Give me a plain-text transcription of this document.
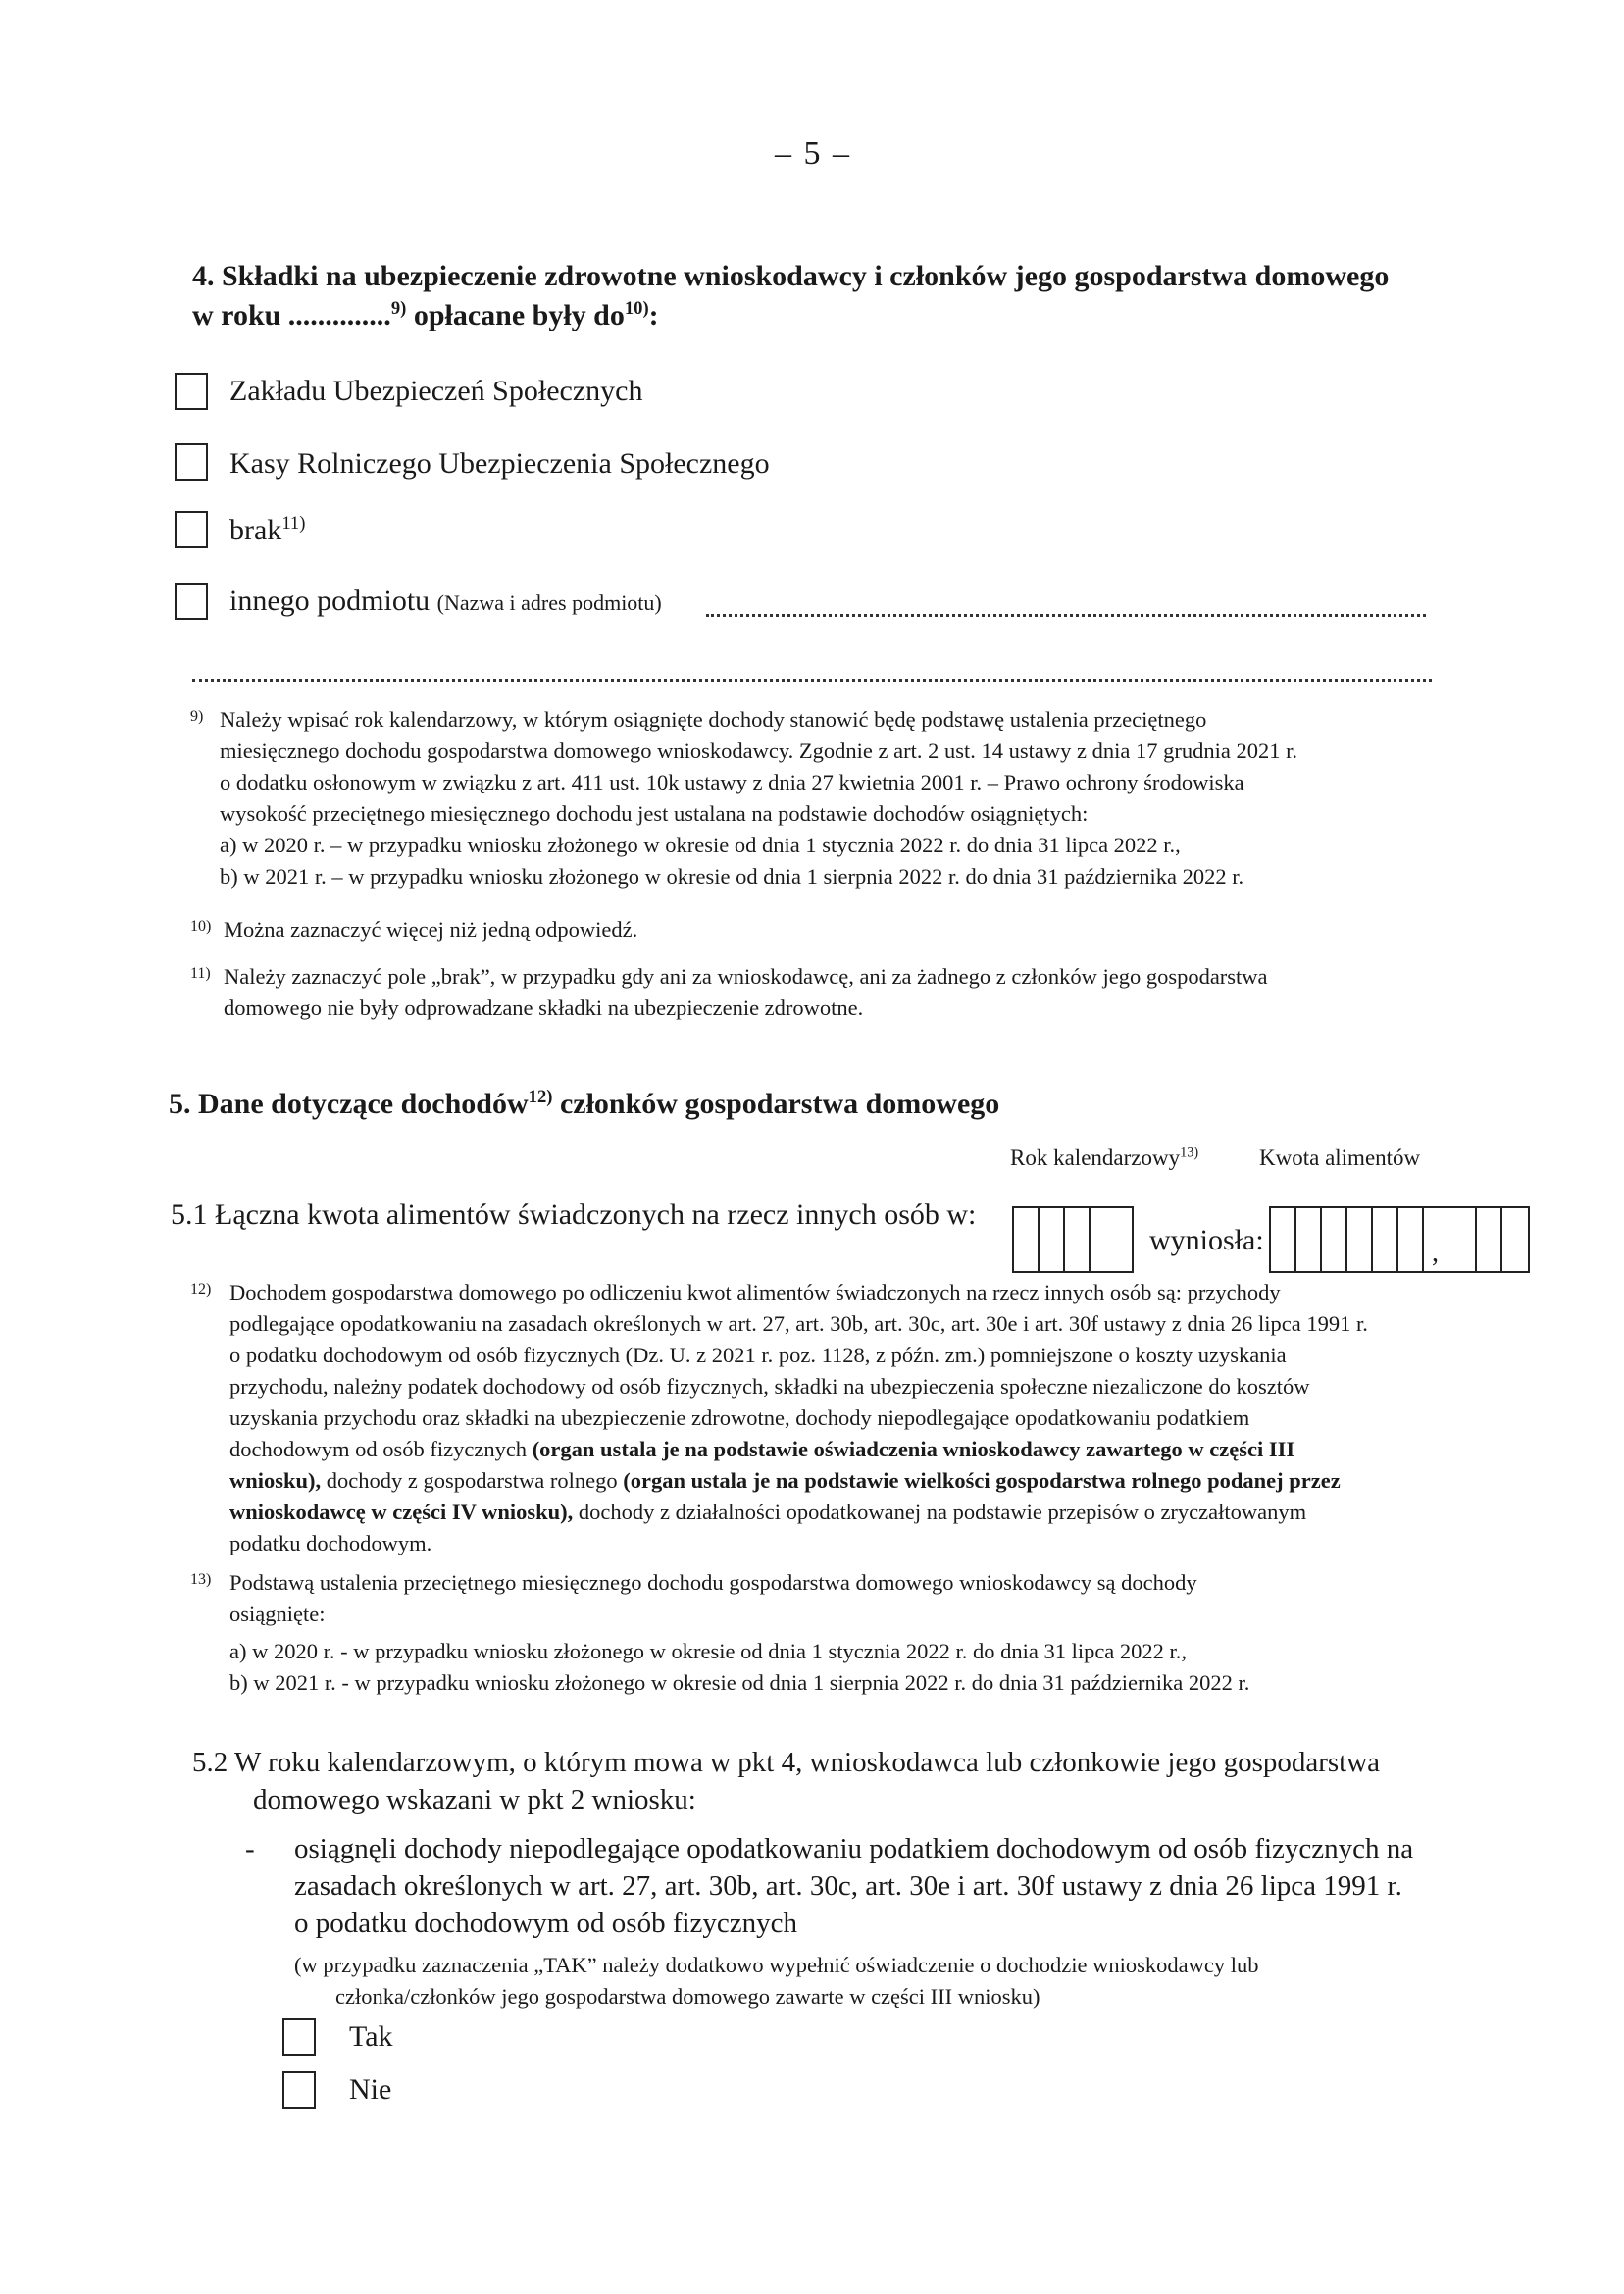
– 5 –
4. Składki na ubezpieczenie zdrowotne wnioskodawcy i członków jego gospodarstwa domowego
w roku ..............$^{9)}$ opłacane były $do^{10)}$:
Zakładu Ubezpieczeń Społecznych
Kasy Rolniczego Ubezpieczenia Społecznego
brak$^{11)}$
innego podmiotu (Nazwa i adres podmiotu)
9) Należy wpisać rok kalendarzowy, w którym osiągnięte dochody stanowić będę podstawę ustalenia przeciętnego
miesięcznego dochodu gospodarstwa domowego wnioskodawcy. Zgodnie z art. 2 ust. 14 ustawy z dnia 17 grudnia 2021 r.
o dodatku osłonowym w związku z art. 411 ust. 10k ustawy z dnia 27 kwietnia 2001 r. – Prawo ochrony środowiska
wysokość przeciętnego miesięcznego dochodu jest ustalana na podstawie dochodów osiągniętych:
a) w 2020 r. – w przypadku wniosku złożonego w okresie od dnia 1 stycznia 2022 r. do dnia 31 lipca 2022 r.,
b) w 2021 r. – w przypadku wniosku złożonego w okresie od dnia 1 sierpnia 2022 r. do dnia 31 października 2022 r.
10) Można zaznaczyć więcej niż jedną odpowiedź.
11) Należy zaznaczyć pole „brak”, w przypadku gdy ani za wnioskodawcę, ani za żadnego z członków jego gospodarstwa
domowego nie były odprowadzane składki na ubezpieczenie zdrowotne.
5. Dane dotyczące dochodów$^{12)}$ członków gospodarstwa domowego
Rok kalendarzowy$^{13)}$	Kwota alimentów
5.1 Łączna kwota alimentów świadczonych na rzecz innych osób w:
wyniosła:	,
12) Dochodem gospodarstwa domowego po odliczeniu kwot alimentów świadczonych na rzecz innych osób są: przychody
podlegające opodatkowaniu na zasadach określonych w art. 27, art. 30b, art. 30c, art. 30e i art. 30f ustawy z dnia 26 lipca 1991 r.
o podatku dochodowym od osób fizycznych (Dz. U. z 2021 r. poz. 1128, z późn. zm.) pomniejszone o koszty uzyskania
przychodu, należny podatek dochodowy od osób fizycznych, składki na ubezpieczenia społeczne niezaliczone do kosztów
uzyskania przychodu oraz składki na ubezpieczenie zdrowotne, dochody niepodlegające opodatkowaniu podatkiem
dochodowym od osób fizycznych (organ ustala je na podstawie oświadczenia wnioskodawcy zawartego w części III
wniosku), dochody z gospodarstwa rolnego (organ ustala je na podstawie wielkości gospodarstwa rolnego podanej przez
wnioskodawcę w części IV wniosku), dochody z działalności opodatkowanej na podstawie przepisów o zryczałtowanym
podatku dochodowym.
13) Podstawą ustalenia przeciętnego miesięcznego dochodu gospodarstwa domowego wnioskodawcy są dochody
osiągnięte:
a) w 2020 r. - w przypadku wniosku złożonego w okresie od dnia 1 stycznia 2022 r. do dnia 31 lipca 2022 r.,
b) w 2021 r. - w przypadku wniosku złożonego w okresie od dnia 1 sierpnia 2022 r. do dnia 31 października 2022 r.
5.2 W roku kalendarzowym, o którym mowa w pkt 4, wnioskodawca lub członkowie jego gospodarstwa
domowego wskazani w pkt 2 wniosku:
- osiągnęli dochody niepodlegające opodatkowaniu podatkiem dochodowym od osób fizycznych na
zasadach określonych w art. 27, art. 30b, art. 30c, art. 30e i art. 30f ustawy z dnia 26 lipca 1991 r.
o podatku dochodowym od osób fizycznych
(w przypadku zaznaczenia „TAK” należy dodatkowo wypełnić oświadczenie o dochodzie wnioskodawcy lub
członka/członków jego gospodarstwa domowego zawarte w części III wniosku)
Tak
Nie
